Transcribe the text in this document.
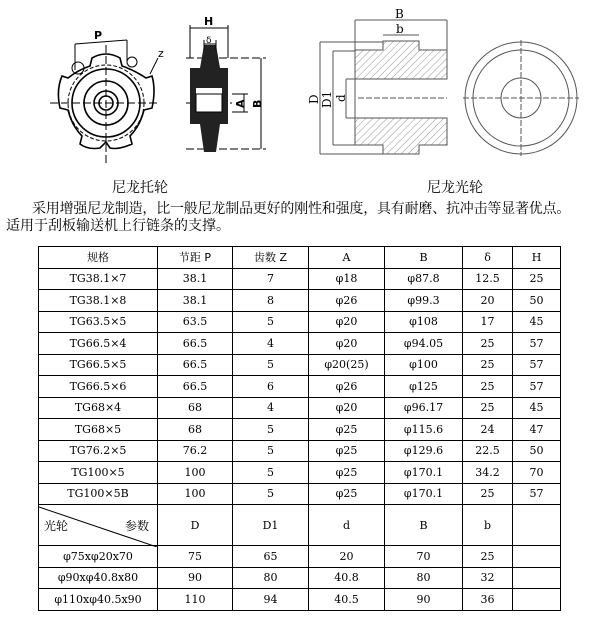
P
z
H
δ
A B
尼龙托轮
B
b
D D1 d
尼龙光轮
采用增强尼龙制造，比一般尼龙制品更好的刚性和强度，具有耐磨、抗冲击等显著优点。
适用于刮板输送机上行链条的支撑。
规格	节距 P	齿数 Z	A	B	δ	H
TG38.1×7	38.1	7	φ18	φ87.8	12.5	25
TG38.1×8	38.1	8	φ26	φ99.3	20	50
TG63.5×5	63.5	5	φ20	φ108	17	45
TG66.5×4	66.5	4	φ20	φ94.05	25	57
TG66.5×5	66.5	5	φ20(25)	φ100	25	57
TG66.5×6	66.5	6	φ26	φ125	25	57
TG68×4	68	4	φ20	φ96.17	25	45
TG68×5	68	5	φ25	φ115.6	24	47
TG76.2×5	76.2	5	φ25	φ129.6	22.5	50
TG100×5	100	5	φ25	φ170.1	34.2	70
TG100×5B	100	5	φ25	φ170.1	25	57

光轮 参数	D	D1	d	B	b	
φ75xφ20x70	75	65	20	70	25	
φ90xφ40.8x80	90	80	40.8	80	32	
φ110xφ40.5x90	110	94	40.5	90	36	
